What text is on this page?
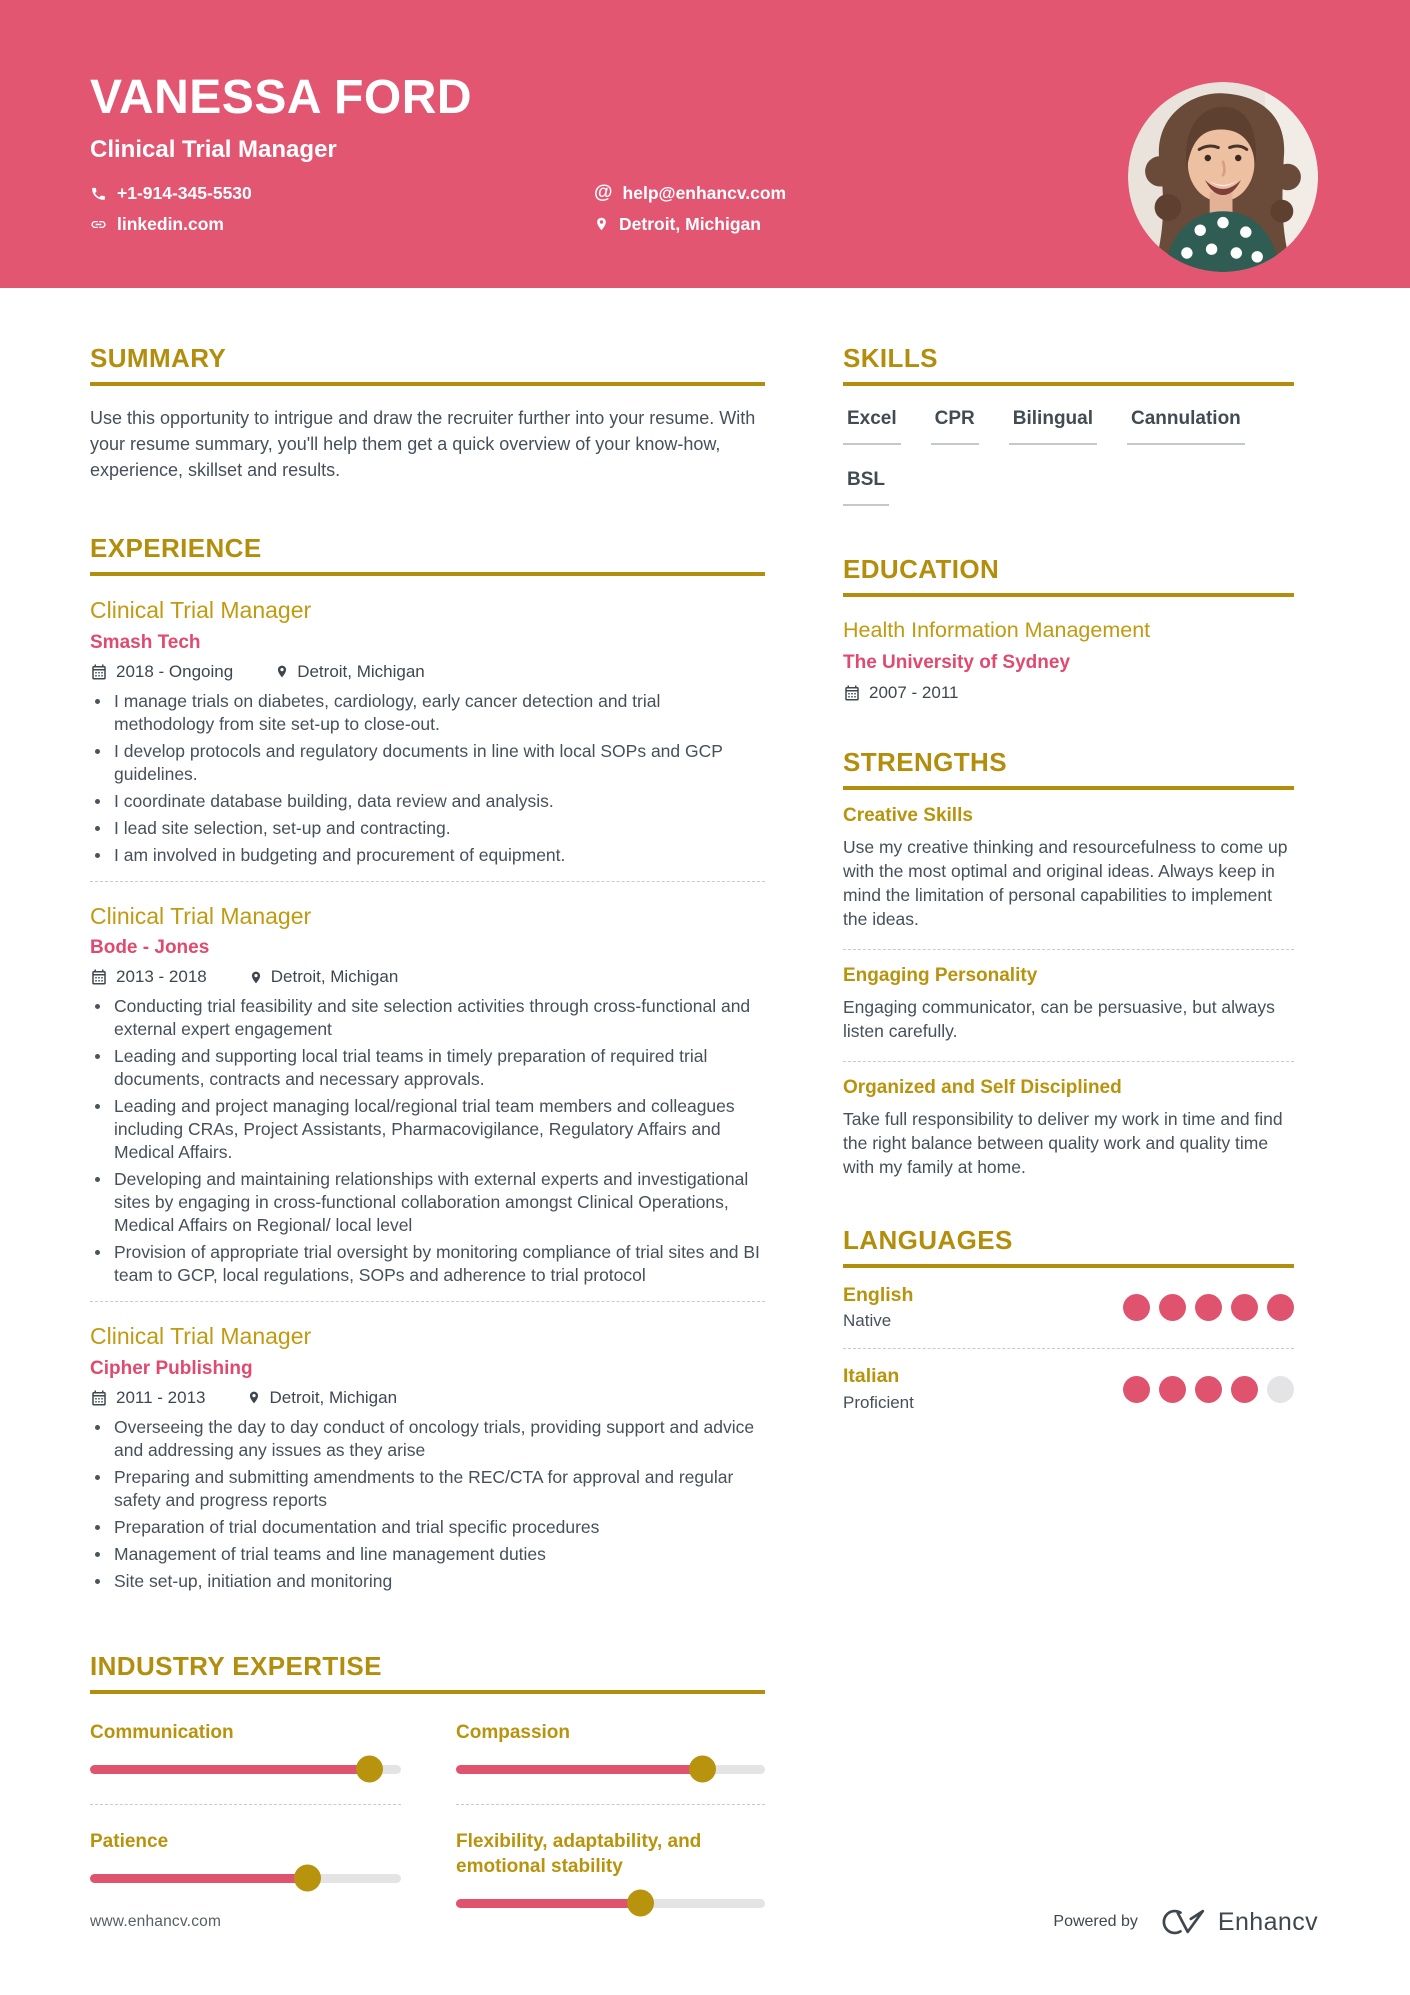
VANESSA FORD
Clinical Trial Manager
+1-914-345-5530
linkedin.com
@ help@enhancv.com
Detroit, Michigan
SUMMARY
Use this opportunity to intrigue and draw the recruiter further into your resume. With your resume summary, you'll help them get a quick overview of your know-how, experience, skillset and results.
EXPERIENCE
Clinical Trial Manager
Smash Tech
2018 - Ongoing	Detroit, Michigan
I manage trials on diabetes, cardiology, early cancer detection and trial methodology from site set-up to close-out.
I develop protocols and regulatory documents in line with local SOPs and GCP guidelines.
I coordinate database building, data review and analysis.
I lead site selection, set-up and contracting.
I am involved in budgeting and procurement of equipment.
Clinical Trial Manager
Bode - Jones
2013 - 2018	Detroit, Michigan
Conducting trial feasibility and site selection activities through cross-functional and external expert engagement
Leading and supporting local trial teams in timely preparation of required trial documents, contracts and necessary approvals.
Leading and project managing local/regional trial team members and colleagues including CRAs, Project Assistants, Pharmacovigilance, Regulatory Affairs and Medical Affairs.
Developing and maintaining relationships with external experts and investigational sites by engaging in cross-functional collaboration amongst Clinical Operations, Medical Affairs on Regional/ local level
Provision of appropriate trial oversight by monitoring compliance of trial sites and BI team to GCP, local regulations, SOPs and adherence to trial protocol
Clinical Trial Manager
Cipher Publishing
2011 - 2013	Detroit, Michigan
Overseeing the day to day conduct of oncology trials, providing support and advice and addressing any issues as they arise
Preparing and submitting amendments to the REC/CTA for approval and regular safety and progress reports
Preparation of trial documentation and trial specific procedures
Management of trial teams and line management duties
Site set-up, initiation and monitoring
INDUSTRY EXPERTISE
Communication	Compassion
Patience	Flexibility, adaptability, and emotional stability
SKILLS
Excel CPR Bilingual Cannulation
BSL
EDUCATION
Health Information Management
The University of Sydney
2007 - 2011
STRENGTHS
Creative Skills
Use my creative thinking and resourcefulness to come up with the most optimal and original ideas. Always keep in mind the limitation of personal capabilities to implement the ideas.
Engaging Personality
Engaging communicator, can be persuasive, but always listen carefully.
Organized and Self Disciplined
Take full responsibility to deliver my work in time and find the right balance between quality work and quality time with my family at home.
LANGUAGES
English
Native
Italian
Proficient
www.enhancv.com	Powered by	Enhancv
